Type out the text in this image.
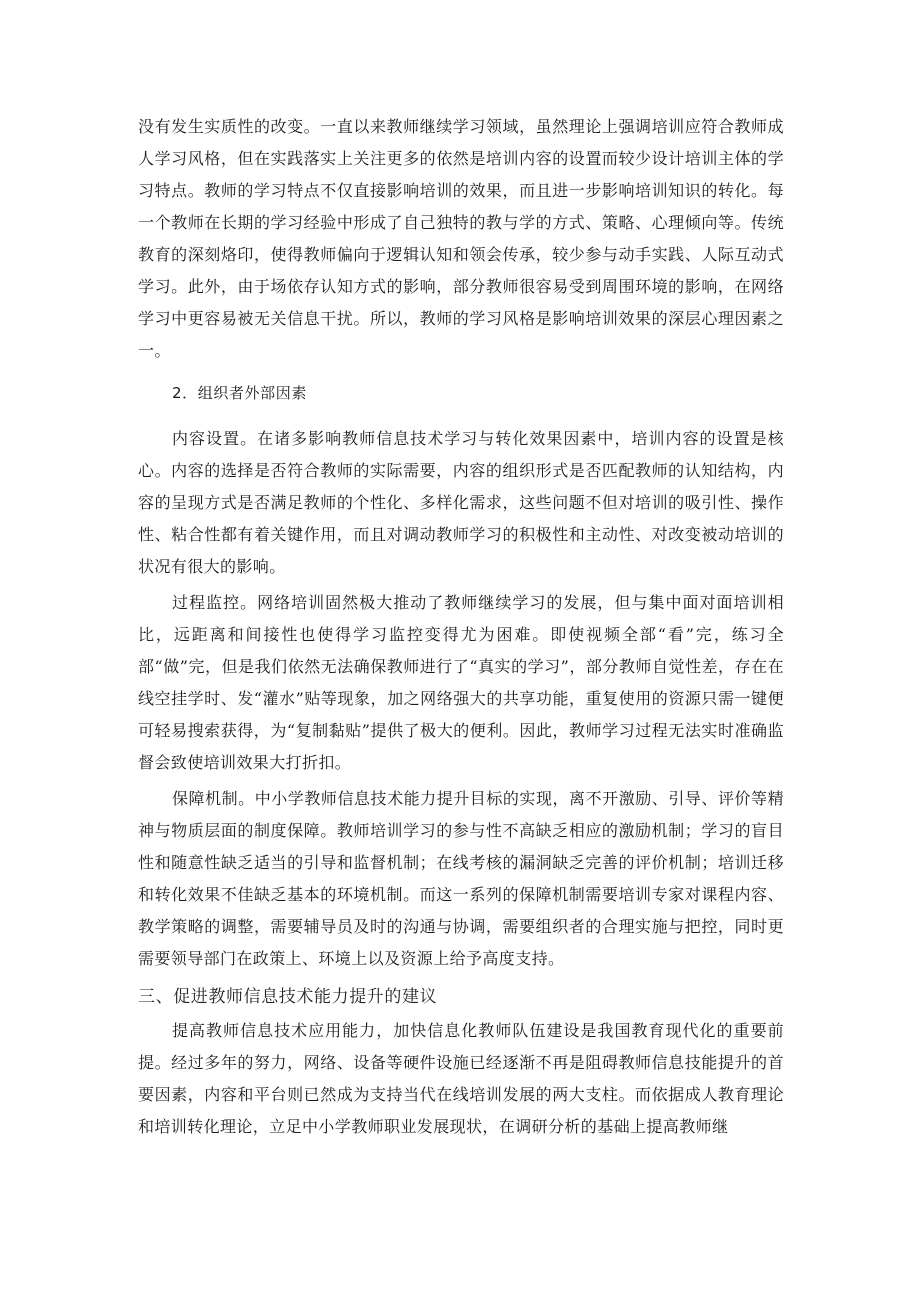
没有发生实质性的改变。一直以来教师继续学习领域，虽然理论上强调培训应符合教师成人学习风格，但在实践落实上关注更多的依然是培训内容的设置而较少设计培训主体的学习特点。教师的学习特点不仅直接影响培训的效果，而且进一步影响培训知识的转化。每一个教师在长期的学习经验中形成了自己独特的教与学的方式、策略、心理倾向等。传统教育的深刻烙印，使得教师偏向于逻辑认知和领会传承，较少参与动手实践、人际互动式学习。此外，由于场依存认知方式的影响，部分教师很容易受到周围环境的影响，在网络学习中更容易被无关信息干扰。所以，教师的学习风格是影响培训效果的深层心理因素之一。

2．组织者外部因素

内容设置。在诸多影响教师信息技术学习与转化效果因素中，培训内容的设置是核心。内容的选择是否符合教师的实际需要，内容的组织形式是否匹配教师的认知结构，内容的呈现方式是否满足教师的个性化、多样化需求，这些问题不但对培训的吸引性、操作性、粘合性都有着关键作用，而且对调动教师学习的积极性和主动性、对改变被动培训的状况有很大的影响。

过程监控。网络培训固然极大推动了教师继续学习的发展，但与集中面对面培训相比，远距离和间接性也使得学习监控变得尤为困难。即使视频全部“看”完，练习全部“做”完，但是我们依然无法确保教师进行了“真实的学习”，部分教师自觉性差，存在在线空挂学时、发“灌水”贴等现象，加之网络强大的共享功能，重复使用的资源只需一键便可轻易搜索获得，为“复制黏贴”提供了极大的便利。因此，教师学习过程无法实时准确监督会致使培训效果大打折扣。

保障机制。中小学教师信息技术能力提升目标的实现，离不开激励、引导、评价等精神与物质层面的制度保障。教师培训学习的参与性不高缺乏相应的激励机制；学习的盲目性和随意性缺乏适当的引导和监督机制；在线考核的漏洞缺乏完善的评价机制；培训迁移和转化效果不佳缺乏基本的环境机制。而这一系列的保障机制需要培训专家对课程内容、教学策略的调整，需要辅导员及时的沟通与协调，需要组织者的合理实施与把控，同时更需要领导部门在政策上、环境上以及资源上给予高度支持。

三、促进教师信息技术能力提升的建议

提高教师信息技术应用能力，加快信息化教师队伍建设是我国教育现代化的重要前提。经过多年的努力，网络、设备等硬件设施已经逐渐不再是阻碍教师信息技能提升的首要因素，内容和平台则已然成为支持当代在线培训发展的两大支柱。而依据成人教育理论和培训转化理论，立足中小学教师职业发展现状，在调研分析的基础上提高教师继
